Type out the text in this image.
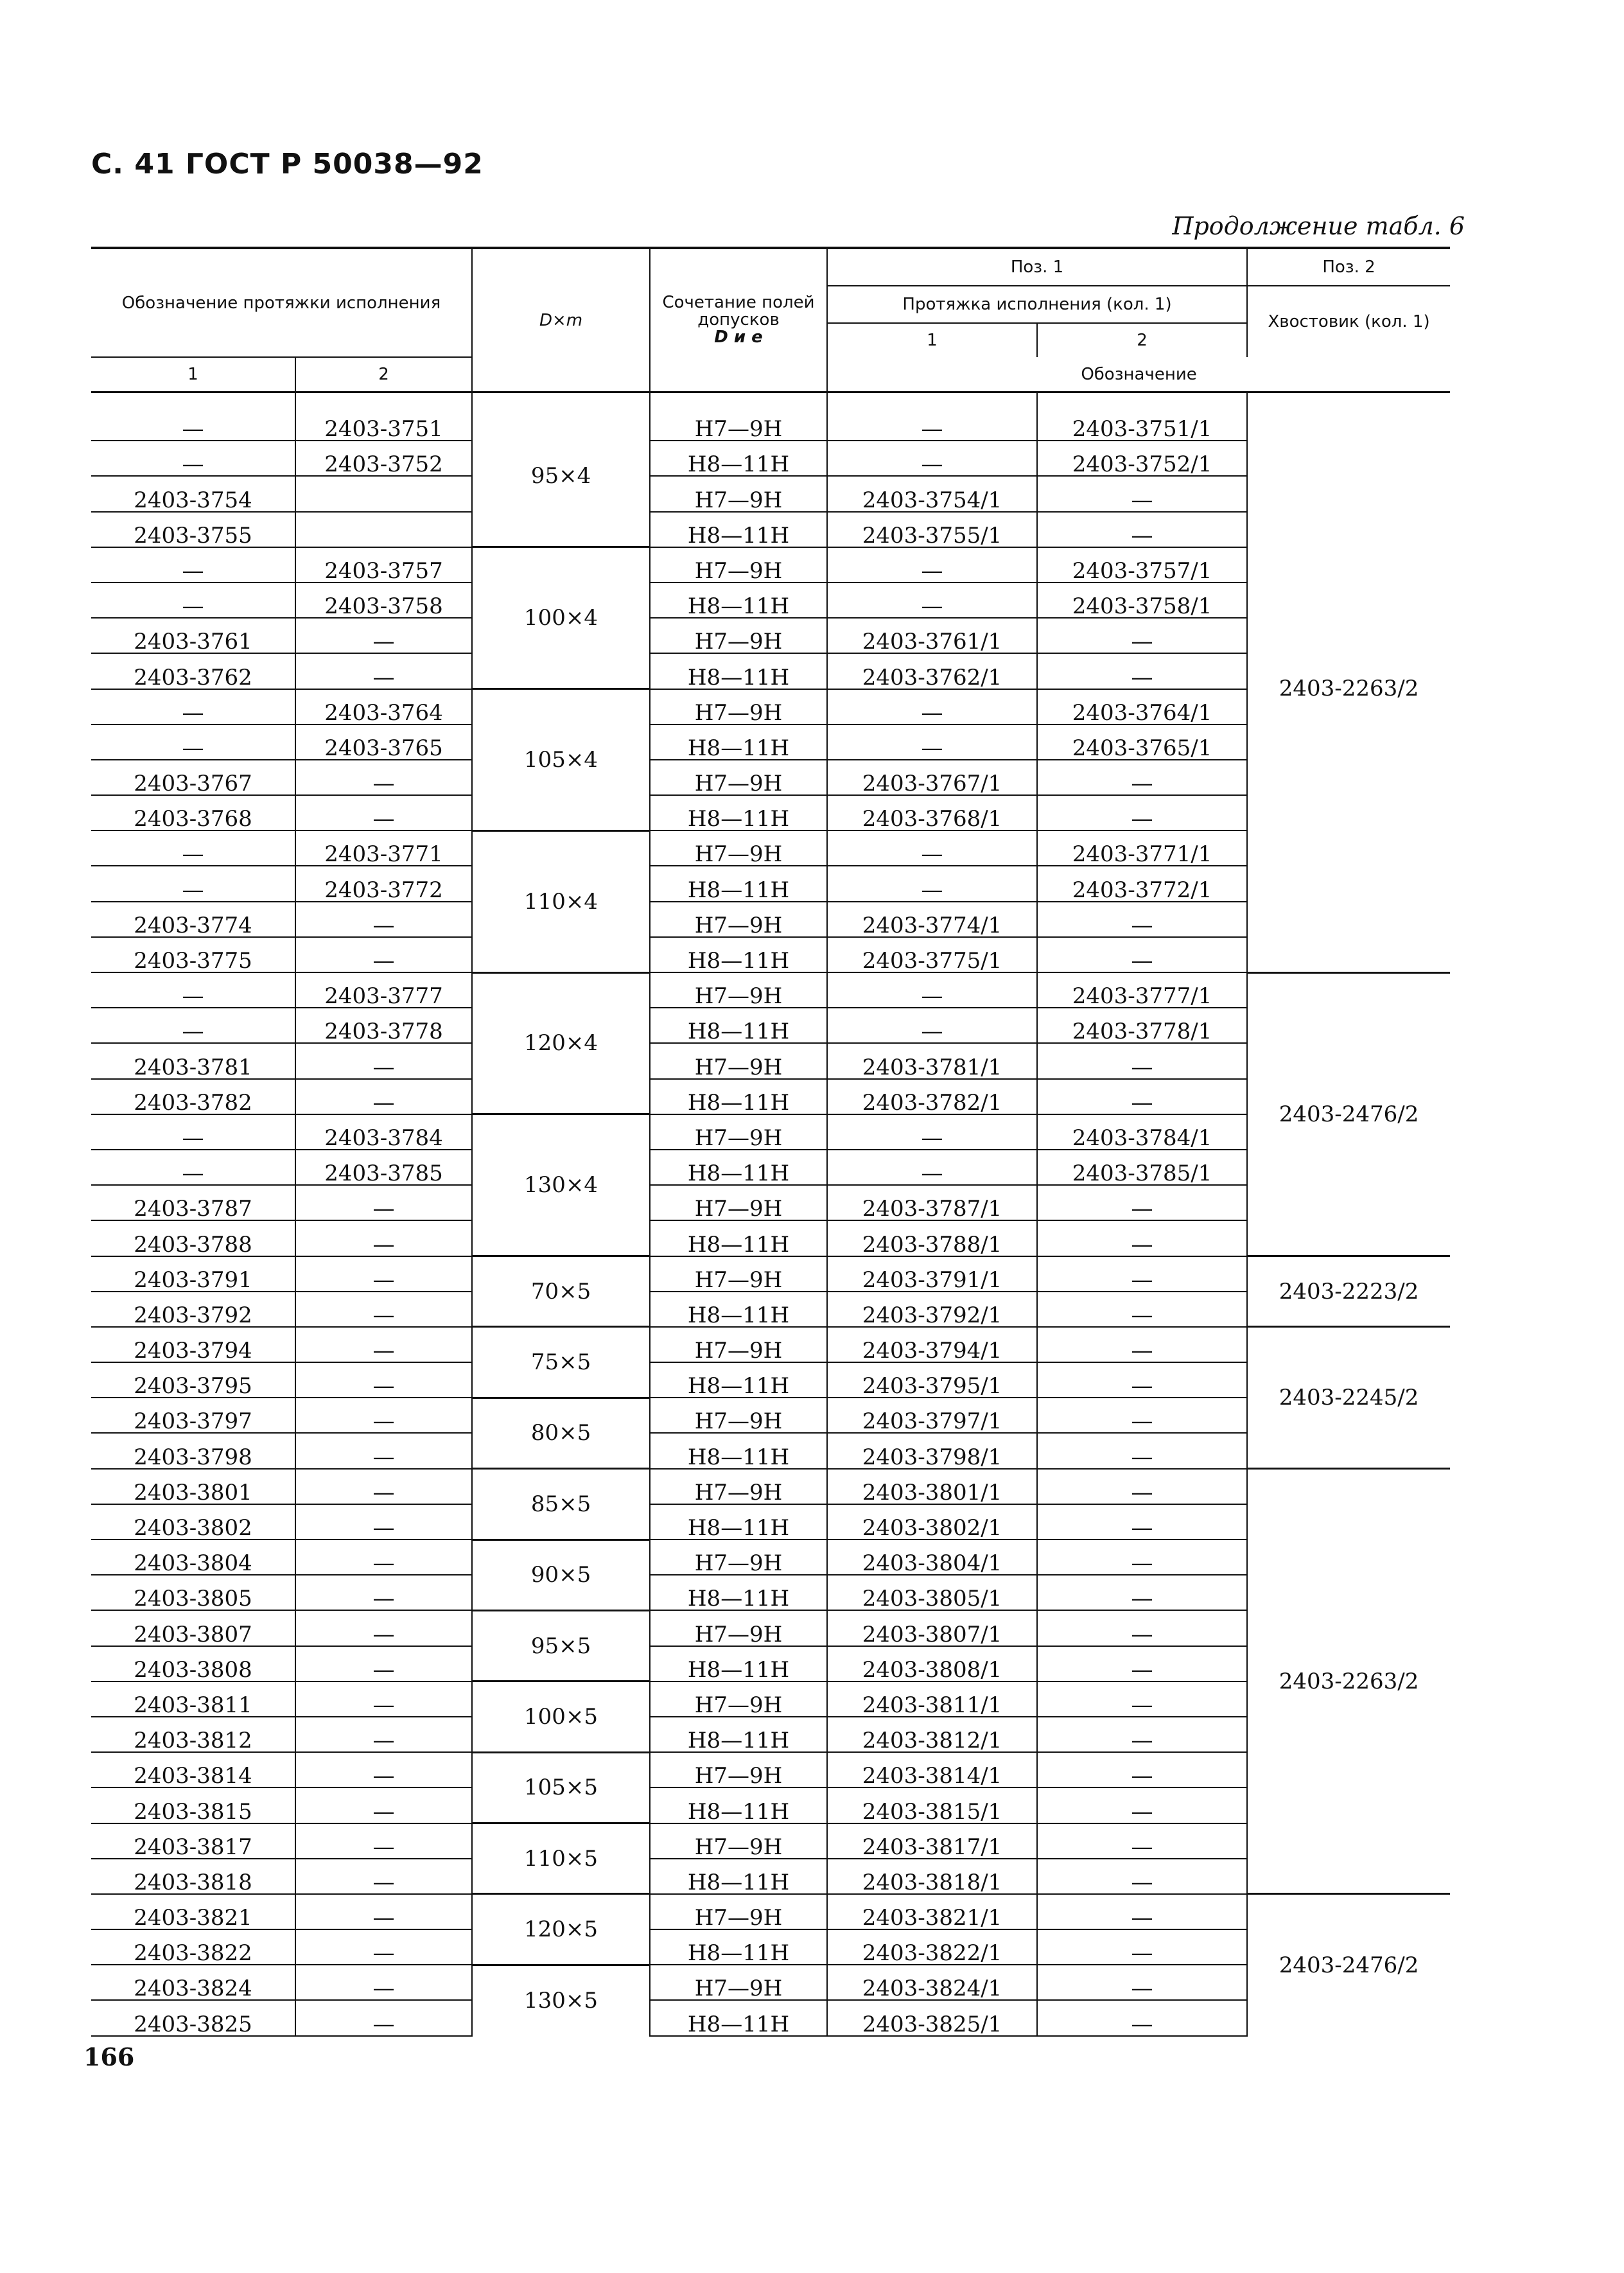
С. 41 ГОСТ Р 50038—92
Продолжение табл. 6
Обозначение протяжки исполнения		D×m	Сочетание полей допусков
D и e	Поз. 1		Поз. 2
				Протяжка исполнения (кол. 1)		Хвостовик (кол. 1)
				1	2	
1	2			Обозначение		

—	2403-3751	95×4	H7—9H	—	2403-3751/1	2403-2263/2
—	2403-3752		H8—11H	—	2403-3752/1	
2403-3754			H7—9H	2403-3754/1	—	
2403-3755			H8—11H	2403-3755/1	—	
—	2403-3757	100×4	H7—9H	—	2403-3757/1	
—	2403-3758		H8—11H	—	2403-3758/1	
2403-3761	—		H7—9H	2403-3761/1	—	
2403-3762	—		H8—11H	2403-3762/1	—	
—	2403-3764	105×4	H7—9H	—	2403-3764/1	
—	2403-3765		H8—11H	—	2403-3765/1	
2403-3767	—		H7—9H	2403-3767/1	—	
2403-3768	—		H8—11H	2403-3768/1	—	
—	2403-3771	110×4	H7—9H	—	2403-3771/1	
—	2403-3772		H8—11H	—	2403-3772/1	
2403-3774	—		H7—9H	2403-3774/1	—	
2403-3775	—		H8—11H	2403-3775/1	—	
—	2403-3777	120×4	H7—9H	—	2403-3777/1	2403-2476/2
—	2403-3778		H8—11H	—	2403-3778/1	
2403-3781	—		H7—9H	2403-3781/1	—	
2403-3782	—		H8—11H	2403-3782/1	—	
—	2403-3784	130×4	H7—9H	—	2403-3784/1	
—	2403-3785		H8—11H	—	2403-3785/1	
2403-3787	—		H7—9H	2403-3787/1	—	
2403-3788	—		H8—11H	2403-3788/1	—	
2403-3791	—	70×5	H7—9H	2403-3791/1	—	2403-2223/2
2403-3792	—		H8—11H	2403-3792/1	—	
2403-3794	—	75×5	H7—9H	2403-3794/1	—	2403-2245/2
2403-3795	—		H8—11H	2403-3795/1	—	
2403-3797	—	80×5	H7—9H	2403-3797/1	—	
2403-3798	—		H8—11H	2403-3798/1	—	
2403-3801	—	85×5	H7—9H	2403-3801/1	—	2403-2263/2
2403-3802	—		H8—11H	2403-3802/1	—	
2403-3804	—	90×5	H7—9H	2403-3804/1	—	
2403-3805	—		H8—11H	2403-3805/1	—	
2403-3807	—	95×5	H7—9H	2403-3807/1	—	
2403-3808	—		H8—11H	2403-3808/1	—	
2403-3811	—	100×5	H7—9H	2403-3811/1	—	
2403-3812	—		H8—11H	2403-3812/1	—	
2403-3814	—	105×5	H7—9H	2403-3814/1	—	
2403-3815	—		H8—11H	2403-3815/1	—	
2403-3817	—	110×5	H7—9H	2403-3817/1	—	
2403-3818	—		H8—11H	2403-3818/1	—	
2403-3821	—	120×5	H7—9H	2403-3821/1	—	2403-2476/2
2403-3822	—		H8—11H	2403-3822/1	—	
2403-3824	—	130×5	H7—9H	2403-3824/1	—	
2403-3825	—		H8—11H	2403-3825/1	—	
166
